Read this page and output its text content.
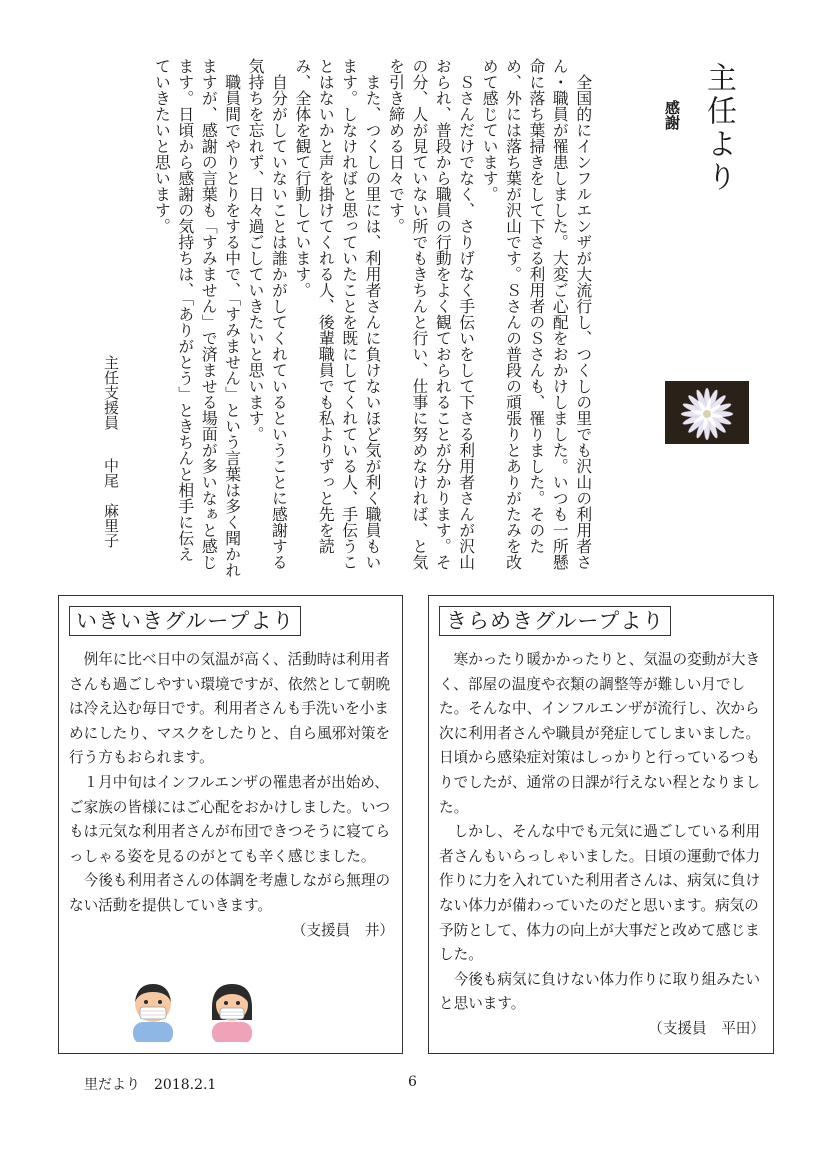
主任より
感謝

全国的にインフルエンザが大流行し、つくしの里でも沢山の利用者さん・職員が罹患しました。大変ご心配をおかけしました。いつも一所懸命に落ち葉掃きをして下さる利用者のＳさんも、罹りました。そのため、外には落ち葉が沢山です。Ｓさんの普段の頑張りとありがたみを改めて感じています。

Ｓさんだけでなく、さりげなく手伝いをして下さる利用者さんが沢山おられ、普段から職員の行動をよく観ておられることが分かります。その分、人が見ていない所でもきちんと行い、仕事に努めなければ、と気を引き締める日々です。

また、つくしの里には、利用者さんに負けないほど気が利く職員もいます。しなければと思っていたことを既にしてくれている人、手伝うことはないかと声を掛けてくれる人、後輩職員でも私よりずっと先を読み、全体を観て行動しています。

自分がしていないことは誰かがしてくれているということに感謝する気持ちを忘れず、日々過ごしていきたいと思います。

職員間でやりとりをする中で、「すみません」という言葉は多く聞かれますが、感謝の言葉も「すみません」で済ませる場面が多いなぁと感じます。日頃から感謝の気持ちは、「ありがとう」ときちんと相手に伝えていきたいと思います。

主任支援員
中尾　麻里子
いきいきグループより

例年に比べ日中の気温が高く、活動時は利用者さんも過ごしやすい環境ですが、依然として朝晩は冷え込む毎日です。利用者さんも手洗いを小まめにしたり、マスクをしたりと、自ら風邪対策を行う方もおられます。

１月中旬はインフルエンザの罹患者が出始め、ご家族の皆様にはご心配をおかけしました。いつもは元気な利用者さんが布団できつそうに寝てらっしゃる姿を見るのがとても辛く感じました。

今後も利用者さんの体調を考慮しながら無理のない活動を提供していきます。

（支援員　井）
きらめきグループより

寒かったり暖かかったりと、気温の変動が大きく、部屋の温度や衣類の調整等が難しい月でした。そんな中、インフルエンザが流行し、次から次に利用者さんや職員が発症してしまいました。日頃から感染症対策はしっかりと行っているつもりでしたが、通常の日課が行えない程となりました。

しかし、そんな中でも元気に過ごしている利用者さんもいらっしゃいました。日頃の運動で体力作りに力を入れていた利用者さんは、病気に負けない体力が備わっていたのだと思います。病気の予防として、体力の向上が大事だと改めて感じました。

今後も病気に負けない体力作りに取り組みたいと思います。

（支援員　平田）
里だより　2018.2.1	6
